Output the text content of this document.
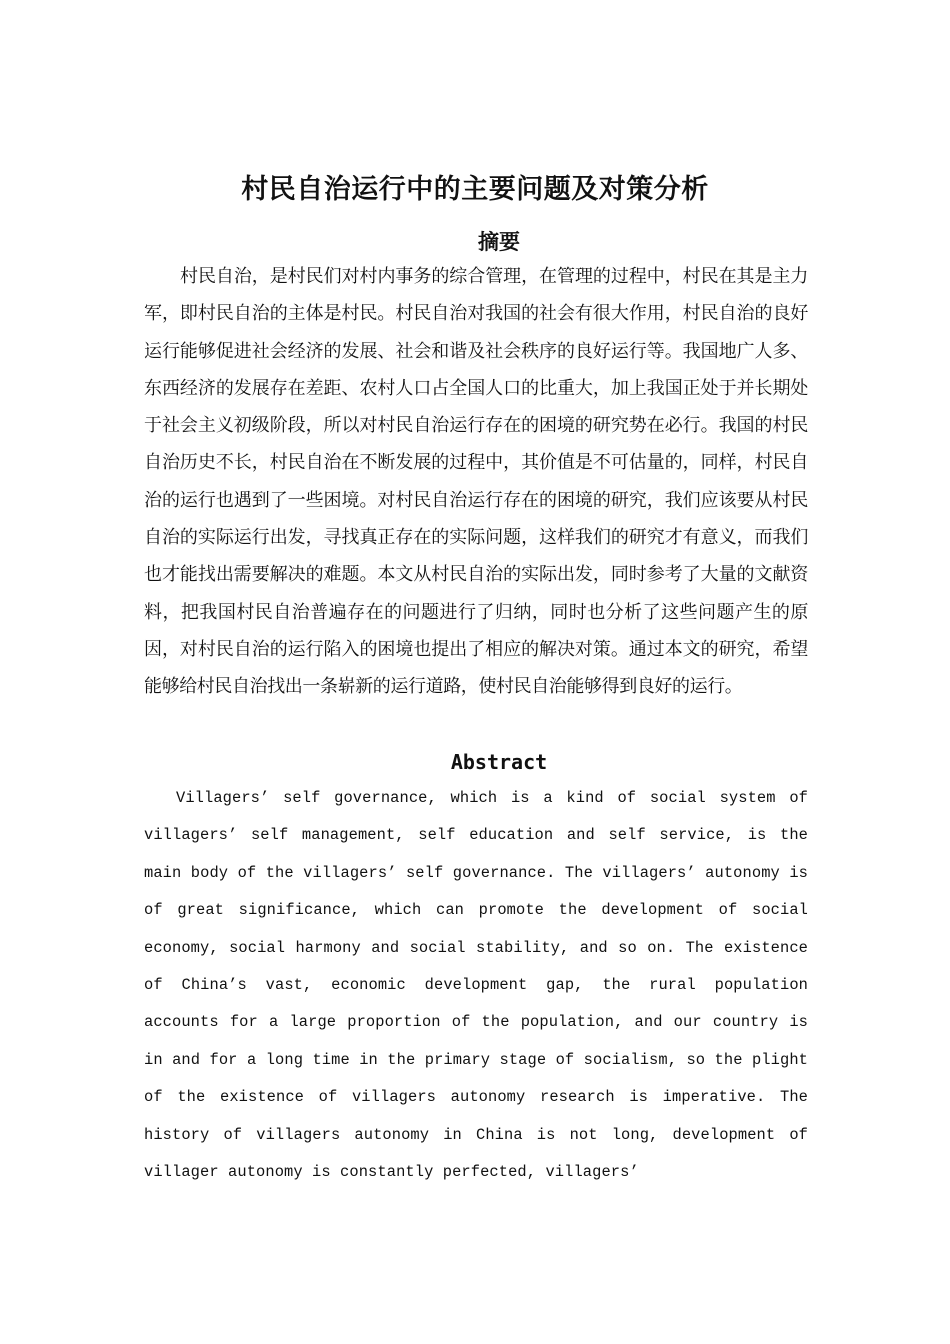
村民自治运行中的主要问题及对策分析
摘要

村民自治，是村民们对村内事务的综合管理，在管理的过程中，村民在其是主力军，即村民自治的主体是村民。村民自治对我国的社会有很大作用，村民自治的良好运行能够促进社会经济的发展、社会和谐及社会秩序的良好运行等。我国地广人多、东西经济的发展存在差距、农村人口占全国人口的比重大，加上我国正处于并长期处于社会主义初级阶段，所以对村民自治运行存在的困境的研究势在必行。我国的村民自治历史不长，村民自治在不断发展的过程中，其价值是不可估量的，同样，村民自治的运行也遇到了一些困境。对村民自治运行存在的困境的研究，我们应该要从村民自治的实际运行出发，寻找真正存在的实际问题，这样我们的研究才有意义，而我们也才能找出需要解决的难题。本文从村民自治的实际出发，同时参考了大量的文献资料，把我国村民自治普遍存在的问题进行了归纳，同时也分析了这些问题产生的原因，对村民自治的运行陷入的困境也提出了相应的解决对策。通过本文的研究，希望能够给村民自治找出一条崭新的运行道路，使村民自治能够得到良好的运行。

Abstract

Villagers’ self governance, which is a kind of social system of villagers’ self management, self education and self service, is the main body of the villagers’ self governance. The villagers’ autonomy is of great significance, which can promote the development of social economy, social harmony and social stability, and so on. The existence of China’s vast, economic development gap, the rural population accounts for a large proportion of the population, and our country is in and for a long time in the primary stage of socialism, so the plight of the existence of villagers autonomy research is imperative. The history of villagers autonomy in China is not long, development of villager autonomy is constantly perfected, villagers’
